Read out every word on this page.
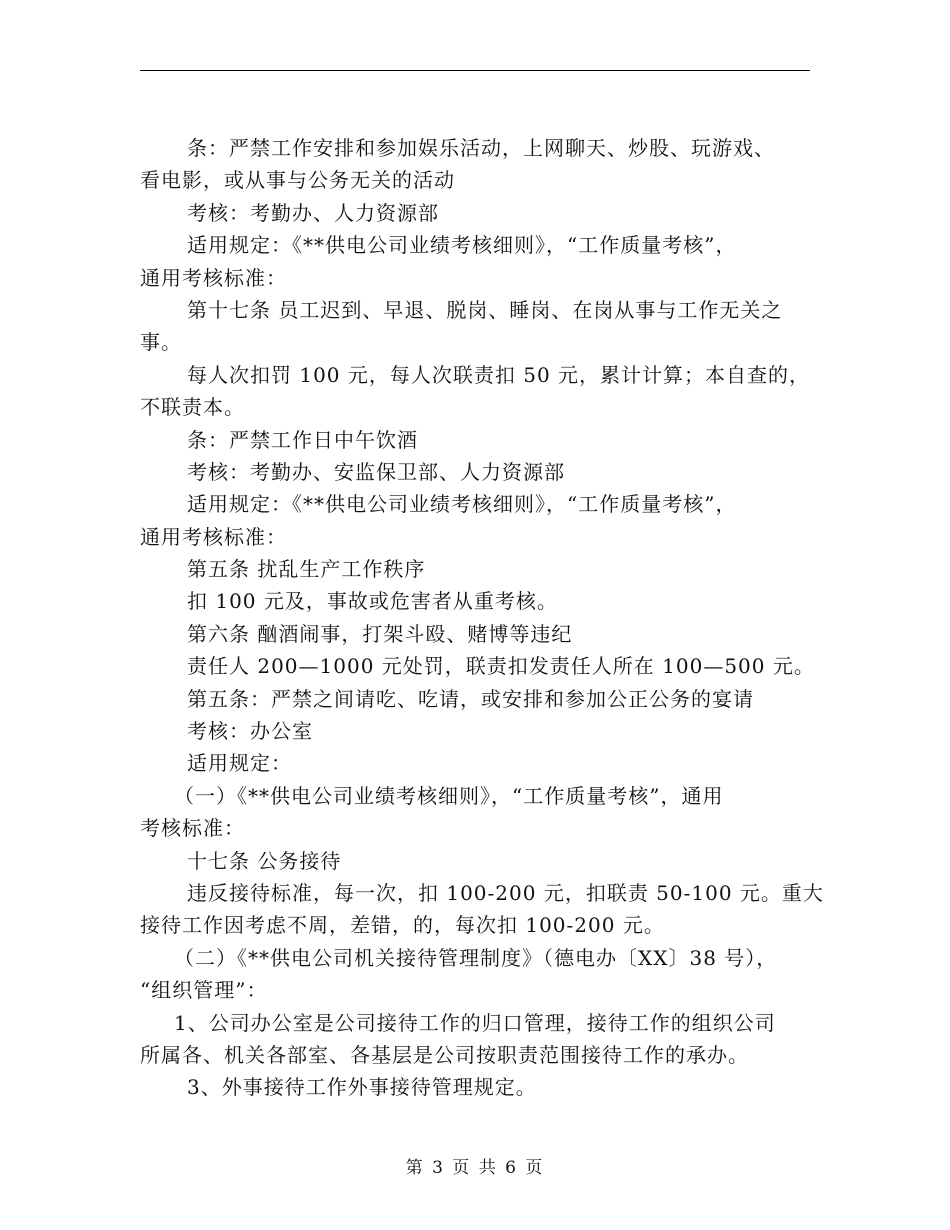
条：严禁工作安排和参加娱乐活动，上网聊天、炒股、玩游戏、
看电影，或从事与公务无关的活动
考核：考勤办、人力资源部
适用规定：《**供电公司业绩考核细则》，“工作质量考核”，
通用考核标准：
第十七条 员工迟到、早退、脱岗、睡岗、在岗从事与工作无关之
事。
每人次扣罚 100 元，每人次联责扣 50 元，累计计算；本自查的，
不联责本。
条：严禁工作日中午饮酒
考核：考勤办、安监保卫部、人力资源部
适用规定：《**供电公司业绩考核细则》，“工作质量考核”，
通用考核标准：
第五条 扰乱生产工作秩序
扣 100 元及，事故或危害者从重考核。
第六条 酗酒闹事，打架斗殴、赌博等违纪
责任人 200—1000 元处罚，联责扣发责任人所在 100—500 元。
第五条：严禁之间请吃、吃请，或安排和参加公正公务的宴请
考核：办公室
适用规定：
（一）《**供电公司业绩考核细则》，“工作质量考核”，通用
考核标准：
十七条 公务接待
违反接待标准，每一次，扣 100-200 元，扣联责 50-100 元。重大
接待工作因考虑不周，差错，的，每次扣 100-200 元。
（二）《**供电公司机关接待管理制度》（德电办〔XX〕38 号），
“组织管理”：
1、公司办公室是公司接待工作的归口管理，接待工作的组织公司
所属各、机关各部室、各基层是公司按职责范围接待工作的承办。
3、外事接待工作外事接待管理规定。
第 3 页 共 6 页
